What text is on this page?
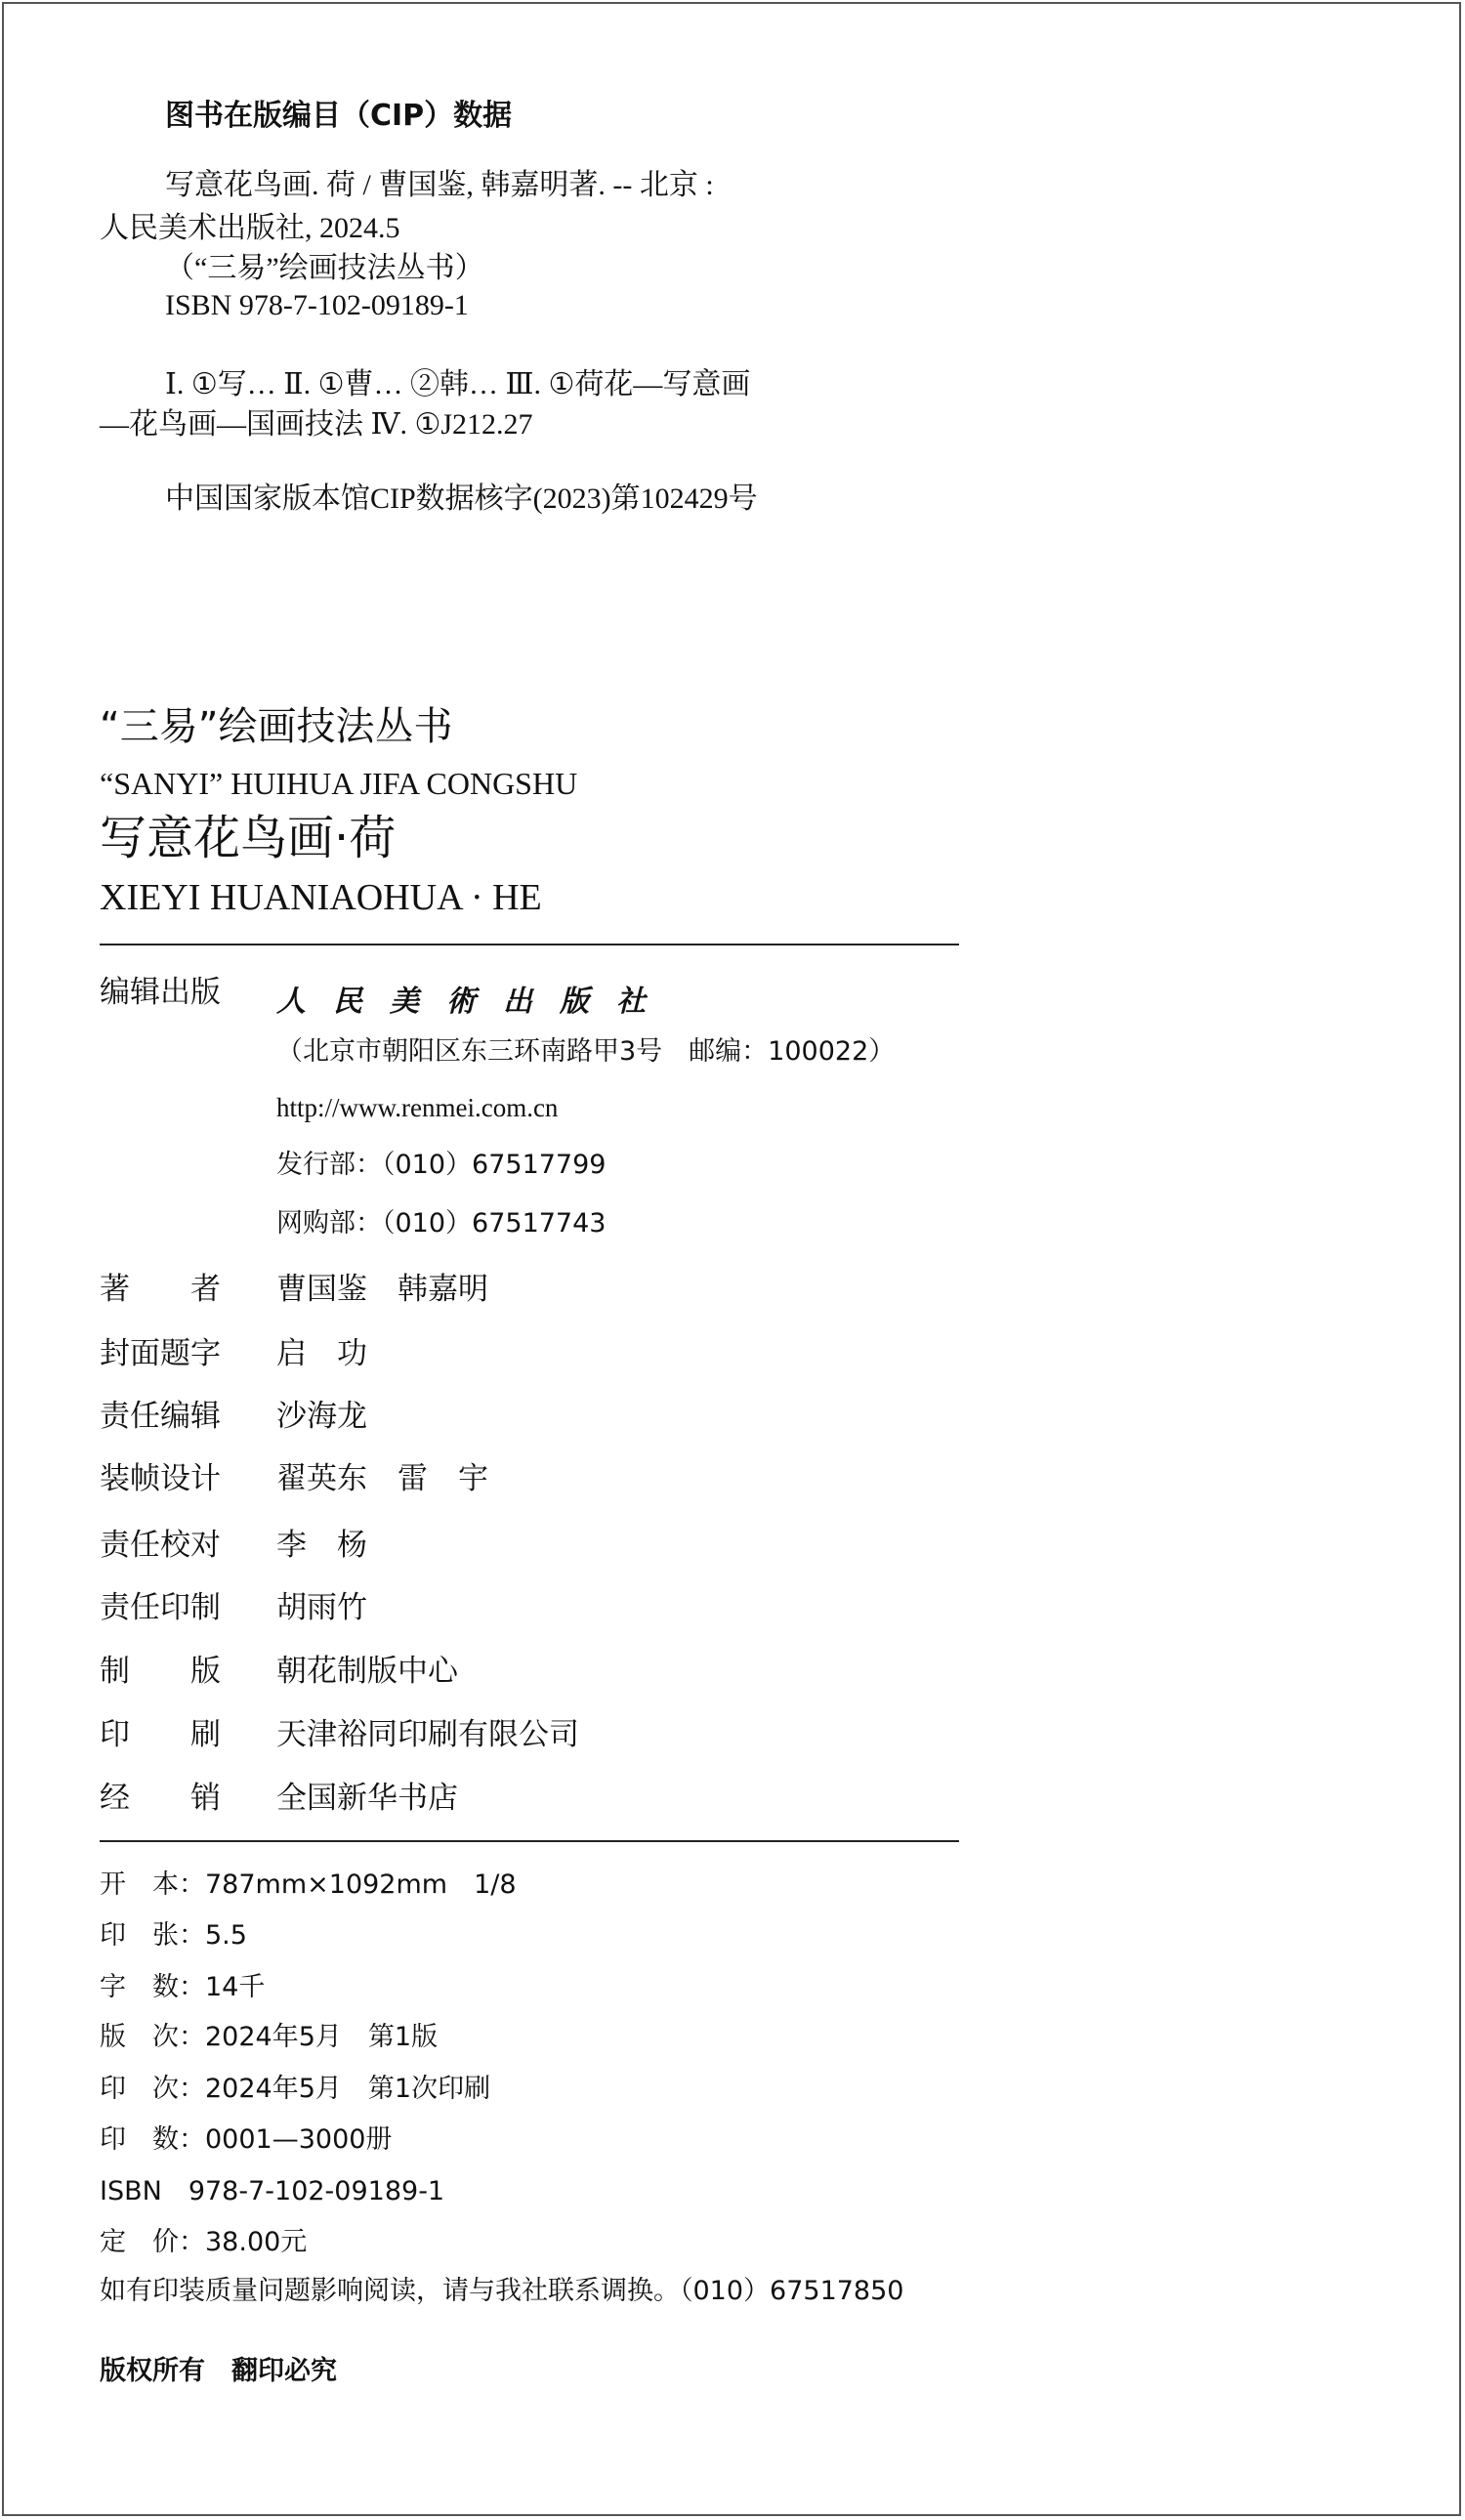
图书在版编目（CIP）数据
写意花鸟画. 荷 / 曹国鉴, 韩嘉明著. -- 北京 :
人民美术出版社, 2024.5
（“三易”绘画技法丛书）
ISBN 978-7-102-09189-1
Ⅰ. ①写… Ⅱ. ①曹… ②韩… Ⅲ. ①荷花—写意画
—花鸟画—国画技法 Ⅳ. ①J212.27
中国国家版本馆CIP数据核字(2023)第102429号
“三易”绘画技法丛书
“SANYI” HUIHUA JIFA CONGSHU
写意花鸟画·荷
XIEYI HUANIAOHUA · HE
编辑出版 人民美術出版社
（北京市朝阳区东三环南路甲3号　邮编：100022）
http://www.renmei.com.cn
发行部：（010）67517799
网购部：（010）67517743
著　　者 曹国鉴　韩嘉明
封面题字 启　功
责任编辑 沙海龙
装帧设计 翟英东　雷　宇
责任校对 李　杨
责任印制 胡雨竹
制　　版 朝花制版中心
印　　刷 天津裕同印刷有限公司
经　　销 全国新华书店
开　本：787mm×1092mm　1/8
印　张：5.5
字　数：14千
版　次：2024年5月　第1版
印　次：2024年5月　第1次印刷
印　数：0001—3000册
ISBN　978-7-102-09189-1
定　价：38.00元
如有印装质量问题影响阅读，请与我社联系调换。（010）67517850
版权所有　翻印必究
